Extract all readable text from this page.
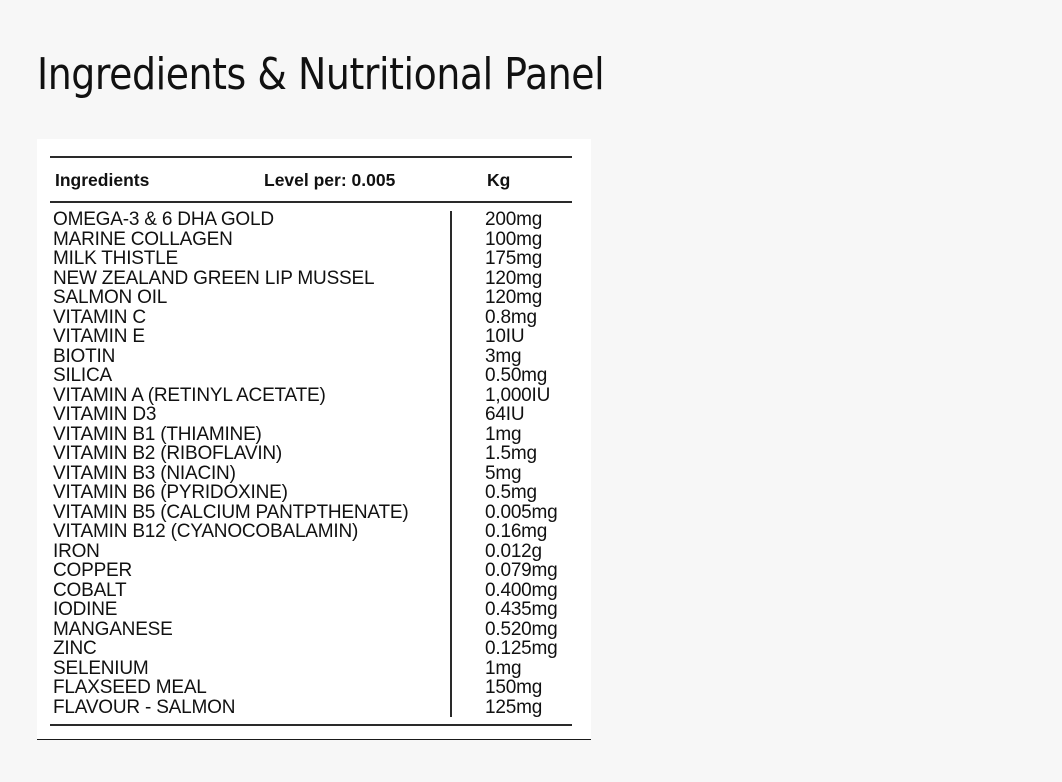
Ingredients & Nutritional Panel
Ingredients	Level per: 0.005	Kg
OMEGA-3 & 6 DHA GOLD	200mg
MARINE COLLAGEN	100mg
MILK THISTLE	175mg
NEW ZEALAND GREEN LIP MUSSEL	120mg
SALMON OIL	120mg
VITAMIN C	0.8mg
VITAMIN E	10IU
BIOTIN	3mg
SILICA	0.50mg
VITAMIN A (RETINYL ACETATE)	1,000IU
VITAMIN D3	64IU
VITAMIN B1 (THIAMINE)	1mg
VITAMIN B2 (RIBOFLAVIN)	1.5mg
VITAMIN B3 (NIACIN)	5mg
VITAMIN B6 (PYRIDOXINE)	0.5mg
VITAMIN B5 (CALCIUM PANTPTHENATE)	0.005mg
VITAMIN B12 (CYANOCOBALAMIN)	0.16mg
IRON	0.012g
COPPER	0.079mg
COBALT	0.400mg
IODINE	0.435mg
MANGANESE	0.520mg
ZINC	0.125mg
SELENIUM	1mg
FLAXSEED MEAL	150mg
FLAVOUR - SALMON	125mg
